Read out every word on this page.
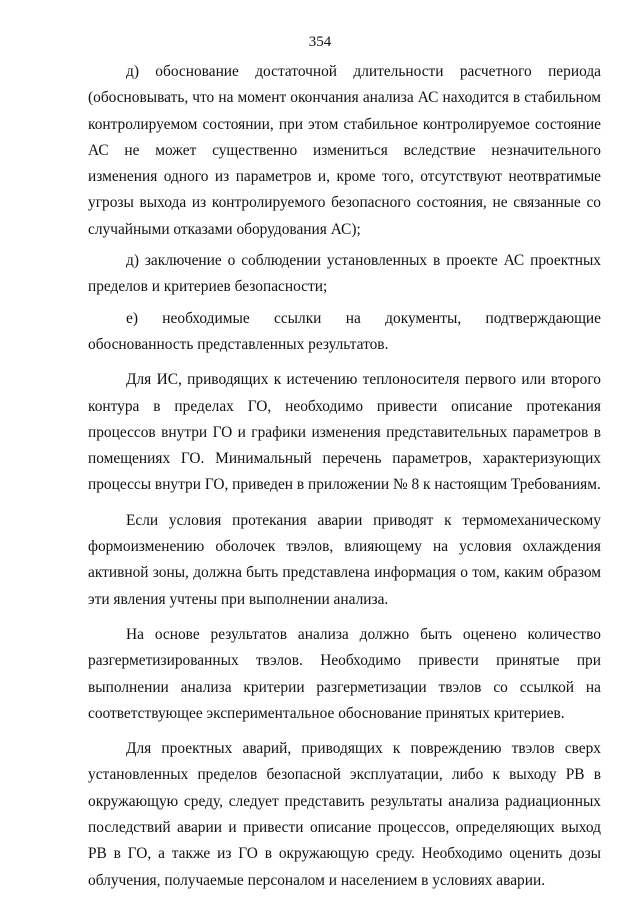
354

д) обоснование достаточной длительности расчетного периода (обосновывать, что на момент окончания анализа АС находится в стабильном контролируемом состоянии, при этом стабильное контролируемое состояние АС не может существенно измениться вследствие незначительного изменения одного из параметров и, кроме того, отсутствуют неотвратимые угрозы выхода из контролируемого безопасного состояния, не связанные со случайными отказами оборудования АС);

д) заключение о соблюдении установленных в проекте АС проектных пределов и критериев безопасности;

е) необходимые ссылки на документы, подтверждающие обоснованность представленных результатов.

Для ИС, приводящих к истечению теплоносителя первого или второго контура в пределах ГО, необходимо привести описание протекания процессов внутри ГО и графики изменения представительных параметров в помещениях ГО. Минимальный перечень параметров, характеризующих процессы внутри ГО, приведен в приложении № 8 к настоящим Требованиям.

Если условия протекания аварии приводят к термомеханическому формоизменению оболочек твэлов, влияющему на условия охлаждения активной зоны, должна быть представлена информация о том, каким образом эти явления учтены при выполнении анализа.

На основе результатов анализа должно быть оценено количество разгерметизированных твэлов. Необходимо привести принятые при выполнении анализа критерии разгерметизации твэлов со ссылкой на соответствующее экспериментальное обоснование принятых критериев.

Для проектных аварий, приводящих к повреждению твэлов сверх установленных пределов безопасной эксплуатации, либо к выходу РВ в окружающую среду, следует представить результаты анализа радиационных последствий аварии и привести описание процессов, определяющих выход РВ в ГО, а также из ГО в окружающую среду. Необходимо оценить дозы облучения, получаемые персоналом и населением в условиях аварии.
